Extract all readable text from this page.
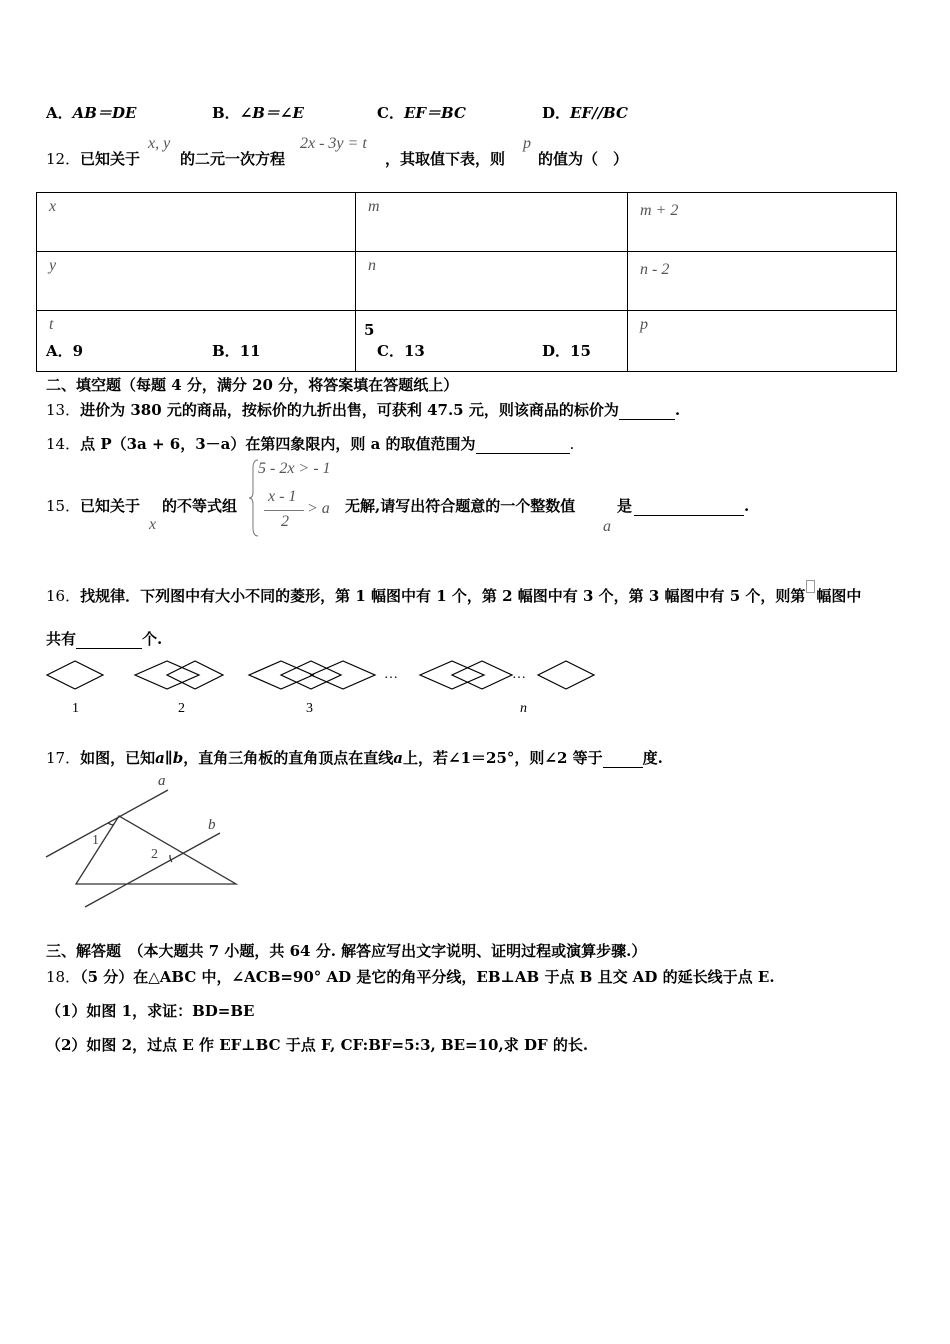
A．AB＝DE	B．∠B＝∠E	C．EF＝BC	D．EF//BC
12． 已知关于
x, y
的二元一次方程
2x - 3y = t
，其取值下表，则
p
的值为（　）
x	m	m + 2
y	n	n - 2
t	5	p
A．9	B．11	C．13	D．15
二、填空题（每题 4 分，满分 20 分，将答案填在答题纸上）
13．进价为 380 元的商品，按标价的九折出售，可获利 47.5 元，则该商品的标价为	.
14．点 P（3a + 6，3－a）在第四象限内，则 a 的取值范围为	.
15． 已知关于
x
的不等式组
5 - 2x > - 1
x - 1
2
> a 无解,请写出符合题意的一个整数值
a
是	.
16．找规律．下列图中有大小不同的菱形，第 1 幅图中有 1 个，第 2 幅图中有 3 个，第 3 幅图中有 5 个，则第 幅图中
共有	个.
…	…
1	2	3	n
17．如图，已知a∥b，直角三角板的直角顶点在直线a上，若∠1＝25°，则∠2 等于	度.
a
b
1
2
三、解答题　（本大题共 7 小题，共 64 分. 解答应写出文字说明、证明过程或演算步骤.）
18．（5 分）在△ABC 中，∠ACB=90° AD 是它的角平分线，EB⊥AB 于点 B 且交 AD 的延长线于点 E.
（1）如图 1，求证：BD=BE
（2）如图 2，过点 E 作 EF⊥BC 于点 F, CF:BF=5:3, BE=10,求 DF 的长.
